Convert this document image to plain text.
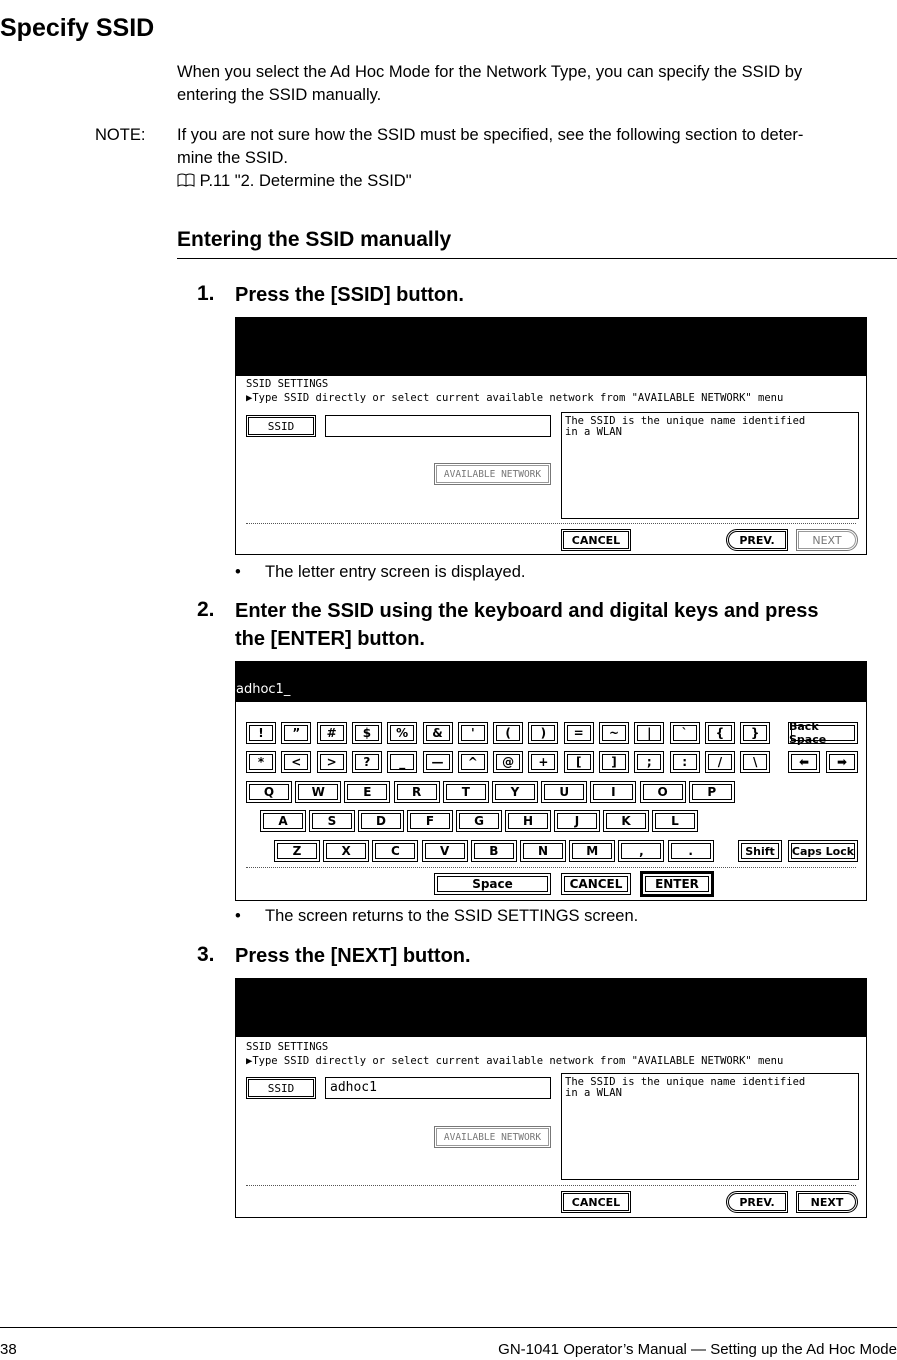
Specify SSID
When you select the Ad Hoc Mode for the Network Type, you can specify the SSID by
entering the SSID manually.
NOTE: If you are not sure how the SSID must be specified, see the following section to deter-
mine the SSID.
P.11 "2. Determine the SSID"
Entering the SSID manually
1. Press the [SSID] button.
SSID SETTINGS
▶Type SSID directly or select current available network from "AVAILABLE NETWORK" menu
SSID	The SSID is the unique name identified
in a WLAN
AVAILABLE NETWORK
CANCEL	PREV.	NEXT
• The letter entry screen is displayed.
2. Enter the SSID using the keyboard and digital keys and press
the [ENTER] button.
adhoc1_
!	”	#	$	%	&	'	(	)	=	~	|	`	{	}
*	<	>	?	_	—	^	@	+	[	]	;	:	/	\
Q	W	E	R	T	Y	U	I	O	P
A	S	D	F	G	H	J	K	L
Z	X	C	V	B	N	M	,	.
Back Space
⬅ ➡
Shift	Caps Lock
Space	CANCEL	ENTER
• The screen returns to the SSID SETTINGS screen.
3. Press the [NEXT] button.
SSID SETTINGS
▶Type SSID directly or select current available network from "AVAILABLE NETWORK" menu
SSID	adhoc1	The SSID is the unique name identified
in a WLAN
AVAILABLE NETWORK
CANCEL	PREV.	NEXT
38	GN-1041 Operator’s Manual — Setting up the Ad Hoc Mode
